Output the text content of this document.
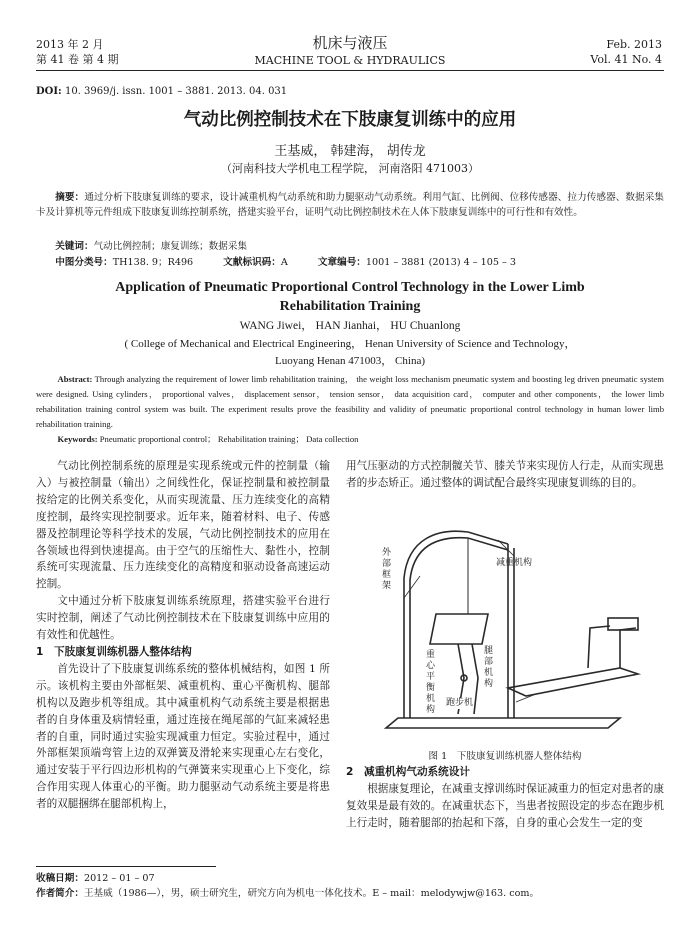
2013 年 2 月
第 41 卷 第 4 期
机床与液压
MACHINE TOOL & HYDRAULICS
Feb. 2013
Vol. 41 No. 4
DOI: 10. 3969/j. issn. 1001 – 3881. 2013. 04. 031
气动比例控制技术在下肢康复训练中的应用
王基威， 韩建海， 胡传龙
（河南科技大学机电工程学院， 河南洛阳 471003）
摘要：通过分析下肢康复训练的要求，设计减重机构气动系统和助力腿驱动气动系统。利用气缸、比例阀、位移传感器、拉力传感器、数据采集卡及计算机等元件组成下肢康复训练控制系统，搭建实验平台，证明气动比例控制技术在人体下肢康复训练中的可行性和有效性。
关键词：气动比例控制；康复训练；数据采集
中图分类号：TH138. 9；R496	文献标识码：A	文章编号：1001 – 3881 (2013) 4 – 105 – 3
Application of Pneumatic Proportional Control Technology in the Lower Limb
Rehabilitation Training
WANG Jiwei， HAN Jianhai， HU Chuanlong
( College of Mechanical and Electrical Engineering， Henan University of Science and Technology，
Luoyang Henan 471003， China)
Abstract: Through analyzing the requirement of lower limb rehabilitation training， the weight loss mechanism pneumatic system and boosting leg driven pneumatic system were designed. Using cylinders， proportional valves， displacement sensor， tension sensor， data acquisition card， computer and other components， the lower limb rehabilitation training control system was built. The experiment results prove the feasibility and validity of pneumatic proportional control technology in human lower limb rehabilitation training.
Keywords: Pneumatic proportional control； Rehabilitation training； Data collection

气动比例控制系统的原理是实现系统或元件的控制量（输入）与被控制量（输出）之间线性化，保证控制量和被控制量按给定的比例关系变化，从而实现流量、压力连续变化的高精度控制，最终实现控制要求。近年来，随着材料、电子、传感器及控制理论等科学技术的发展，气动比例控制技术的应用在各领域也得到快速提高。由于空气的压缩性大、黏性小，控制系统可实现流量、压力连续变化的高精度和驱动设备高速运动控制。

文中通过分析下肢康复训练系统原理，搭建实验平台进行实时控制，阐述了气动比例控制技术在下肢康复训练中应用的有效性和优越性。

1 下肢康复训练机器人整体结构

首先设计了下肢康复训练系统的整体机械结构，如图 1 所示。该机构主要由外部框架、减重机构、重心平衡机构、腿部机构以及跑步机等组成。其中减重机构气动系统主要是根据患者的自身体重及病情轻重，通过连接在绳尾部的气缸来减轻患者的自重，同时通过实验实现减重力恒定。实验过程中，通过外部框架顶端弯管上边的双弹簧及滑轮来实现重心左右变化，通过安装于平行四边形机构的气弹簧来实现重心上下变化，综合作用实现人体重心的平衡。助力腿驱动气动系统主要是将患者的双腿捆绑在腿部机构上，

用气压驱动的方式控制髋关节、膝关节来实现仿人行走，从而实现患者的步态矫正。通过整体的调试配合最终实现康复训练的目的。

外部框架
减重机构
重心平衡机构
腿部机构
跑步机
图 1　下肢康复训练机器人整体结构
2 减重机构气动系统设计

根据康复理论，在减重支撑训练时保证减重力的恒定对患者的康复效果是最有效的。在减重状态下，当患者按照设定的步态在跑步机上行走时，随着腿部的抬起和下落，自身的重心会发生一定的变

收稿日期：2012 – 01 – 07
作者简介：王基威（1986—），男，硕士研究生，研究方向为机电一体化技术。E – mail：melodywjw@163. com。
